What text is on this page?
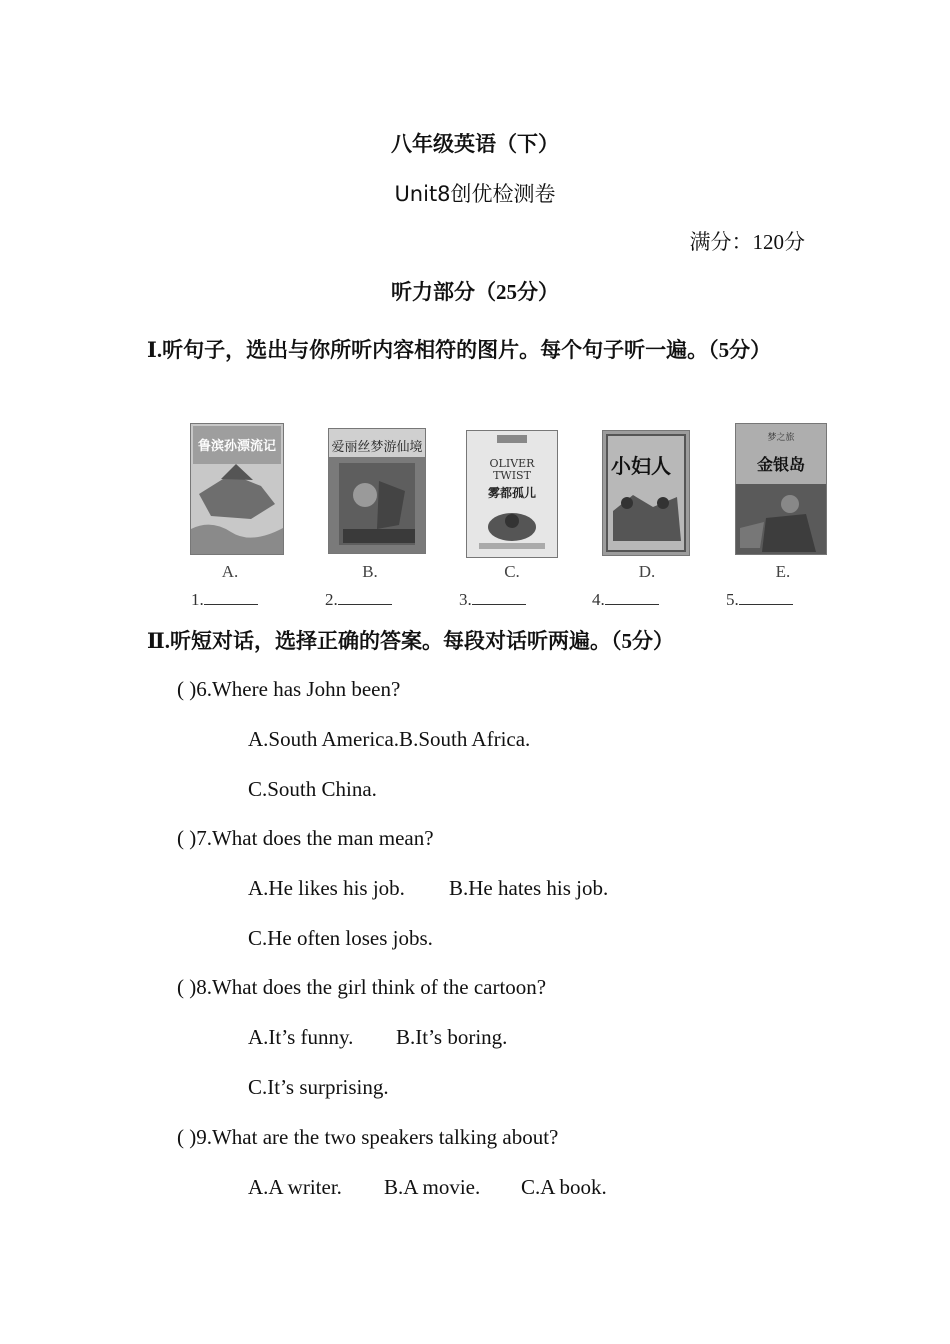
八年级英语（下）
Unit8创优检测卷
满分：120分
听力部分（25分）
Ⅰ.听句子，选出与你所听内容相符的图片。每个句子听一遍。（5分）
鲁滨孙漂流记	爱丽丝梦游仙境
OLIVER
TWIST
雾都孤儿
小妇人
梦之旅
金银岛
A.	B.	C.	D.	E.
1.	2.	3.	4.	5.
Ⅱ.听短对话，选择正确的答案。每段对话听两遍。（5分）
( )6.Where has John been?
A.South America.B.South Africa.
C.South China.
( )7.What does the man mean?
A.He likes his job. B.He hates his job.
C.He often loses jobs.
( )8.What does the girl think of the cartoon?
A.It’s funny. B.It’s boring.
C.It’s surprising.
( )9.What are the two speakers talking about?
A.A writer. B.A movie. C.A book.
